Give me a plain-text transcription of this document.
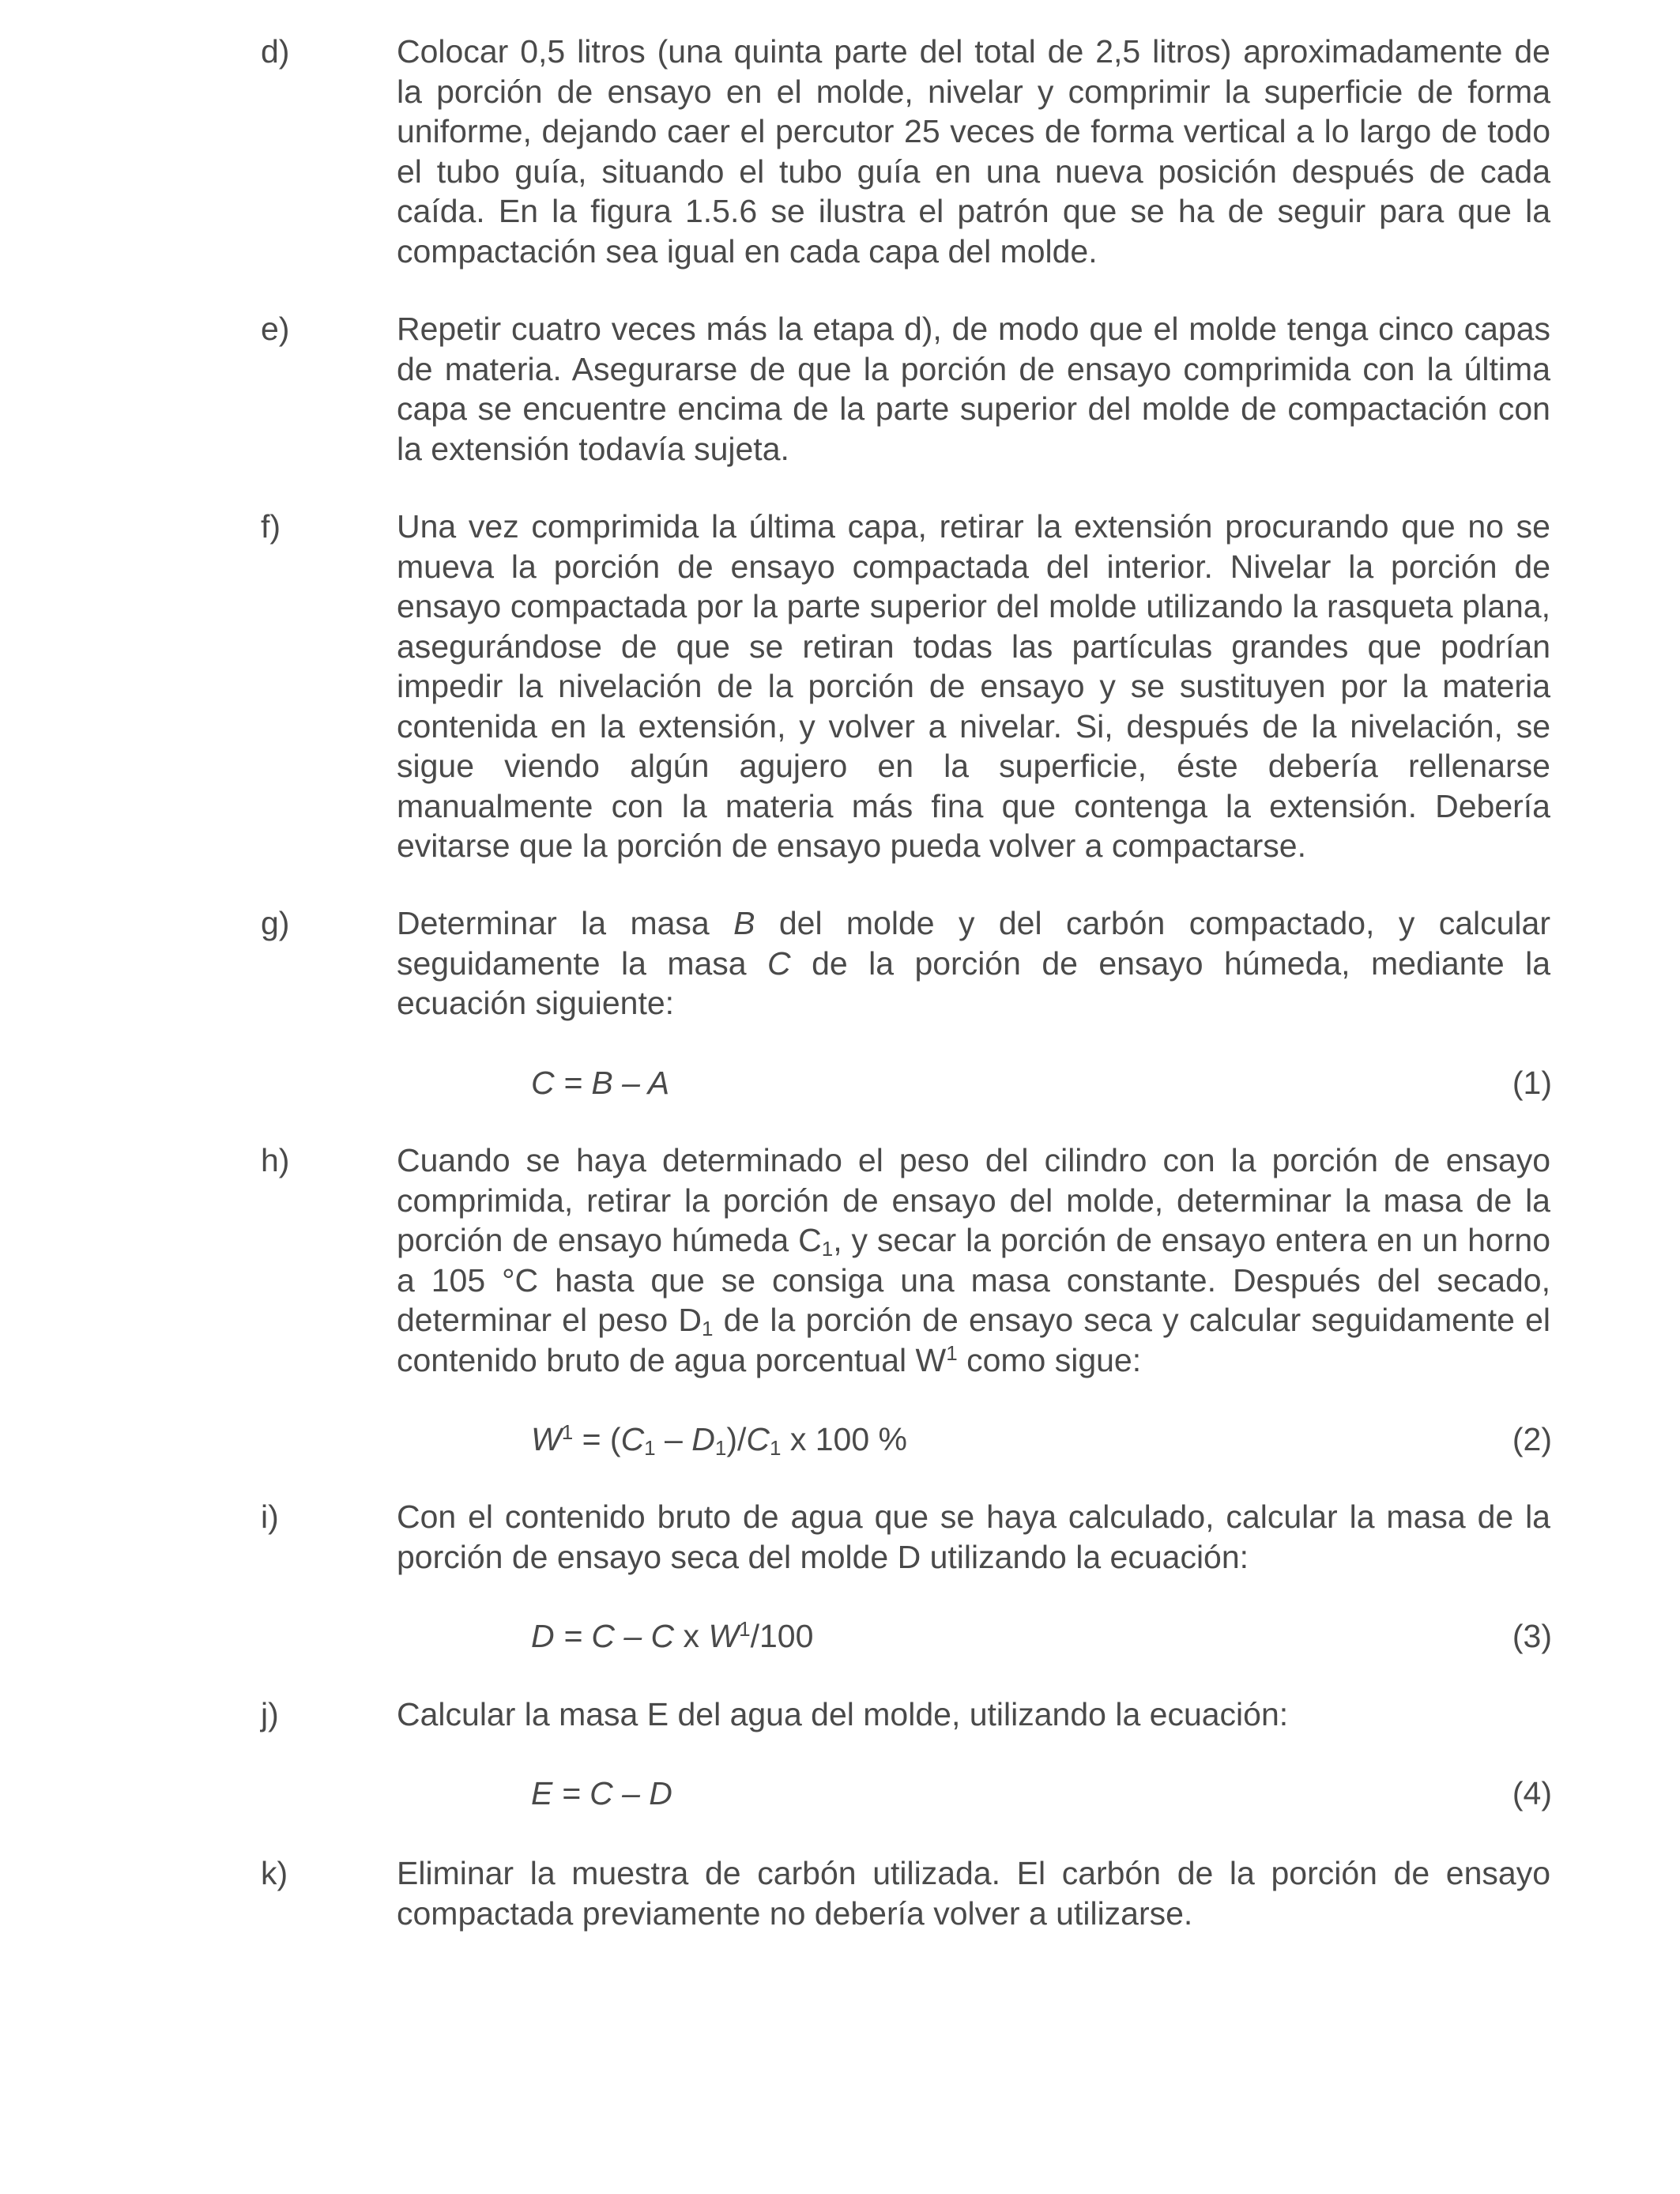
d)	Colocar 0,5 litros (una quinta parte del total de 2,5 litros) aproximadamente de la porción de ensayo en el molde, nivelar y comprimir la superficie de forma uniforme, dejando caer el percutor 25 veces de forma vertical a lo largo de todo el tubo guía, situando el tubo guía en una nueva posición después de cada caída. En la figura 1.5.6 se ilustra el patrón que se ha de seguir para que la compactación sea igual en cada capa del molde.
e)	Repetir cuatro veces más la etapa d), de modo que el molde tenga cinco capas de materia. Asegurarse de que la porción de ensayo comprimida con la última capa se encuentre encima de la parte superior del molde de compactación con la extensión todavía sujeta.
f)	Una vez comprimida la última capa, retirar la extensión procurando que no se mueva la porción de ensayo compactada del interior. Nivelar la porción de ensayo compactada por la parte superior del molde utilizando la rasqueta plana, asegurándose de que se retiran todas las partículas grandes que podrían impedir la nivelación de la porción de ensayo y se sustituyen por la materia contenida en la extensión, y volver a nivelar. Si, después de la nivelación, se sigue viendo algún agujero en la superficie, éste debería rellenarse manualmente con la materia más fina que contenga la extensión. Debería evitarse que la porción de ensayo pueda volver a compactarse.
g)	Determinar la masa B del molde y del carbón compactado, y calcular seguidamente la masa C de la porción de ensayo húmeda, mediante la ecuación siguiente:
C = B – A	(1)
h)	Cuando se haya determinado el peso del cilindro con la porción de ensayo comprimida, retirar la porción de ensayo del molde, determinar la masa de la porción de ensayo húmeda $C_1$, y secar la porción de ensayo entera en un horno a 105 °C hasta que se consiga una masa constante. Después del secado, determinar el peso $D_1$ de la porción de ensayo seca y calcular seguidamente el contenido bruto de agua porcentual $W^1$ como sigue:
$W^1 = (C_1 - D_1)/C_1$ x 100 %	(2)
i)	Con el contenido bruto de agua que se haya calculado, calcular la masa de la porción de ensayo seca del molde D utilizando la ecuación:
D = C – C x $W^1/100$	(3)
j)	Calcular la masa E del agua del molde, utilizando la ecuación:
E = C – D	(4)
k)	Eliminar la muestra de carbón utilizada. El carbón de la porción de ensayo compactada previamente no debería volver a utilizarse.
